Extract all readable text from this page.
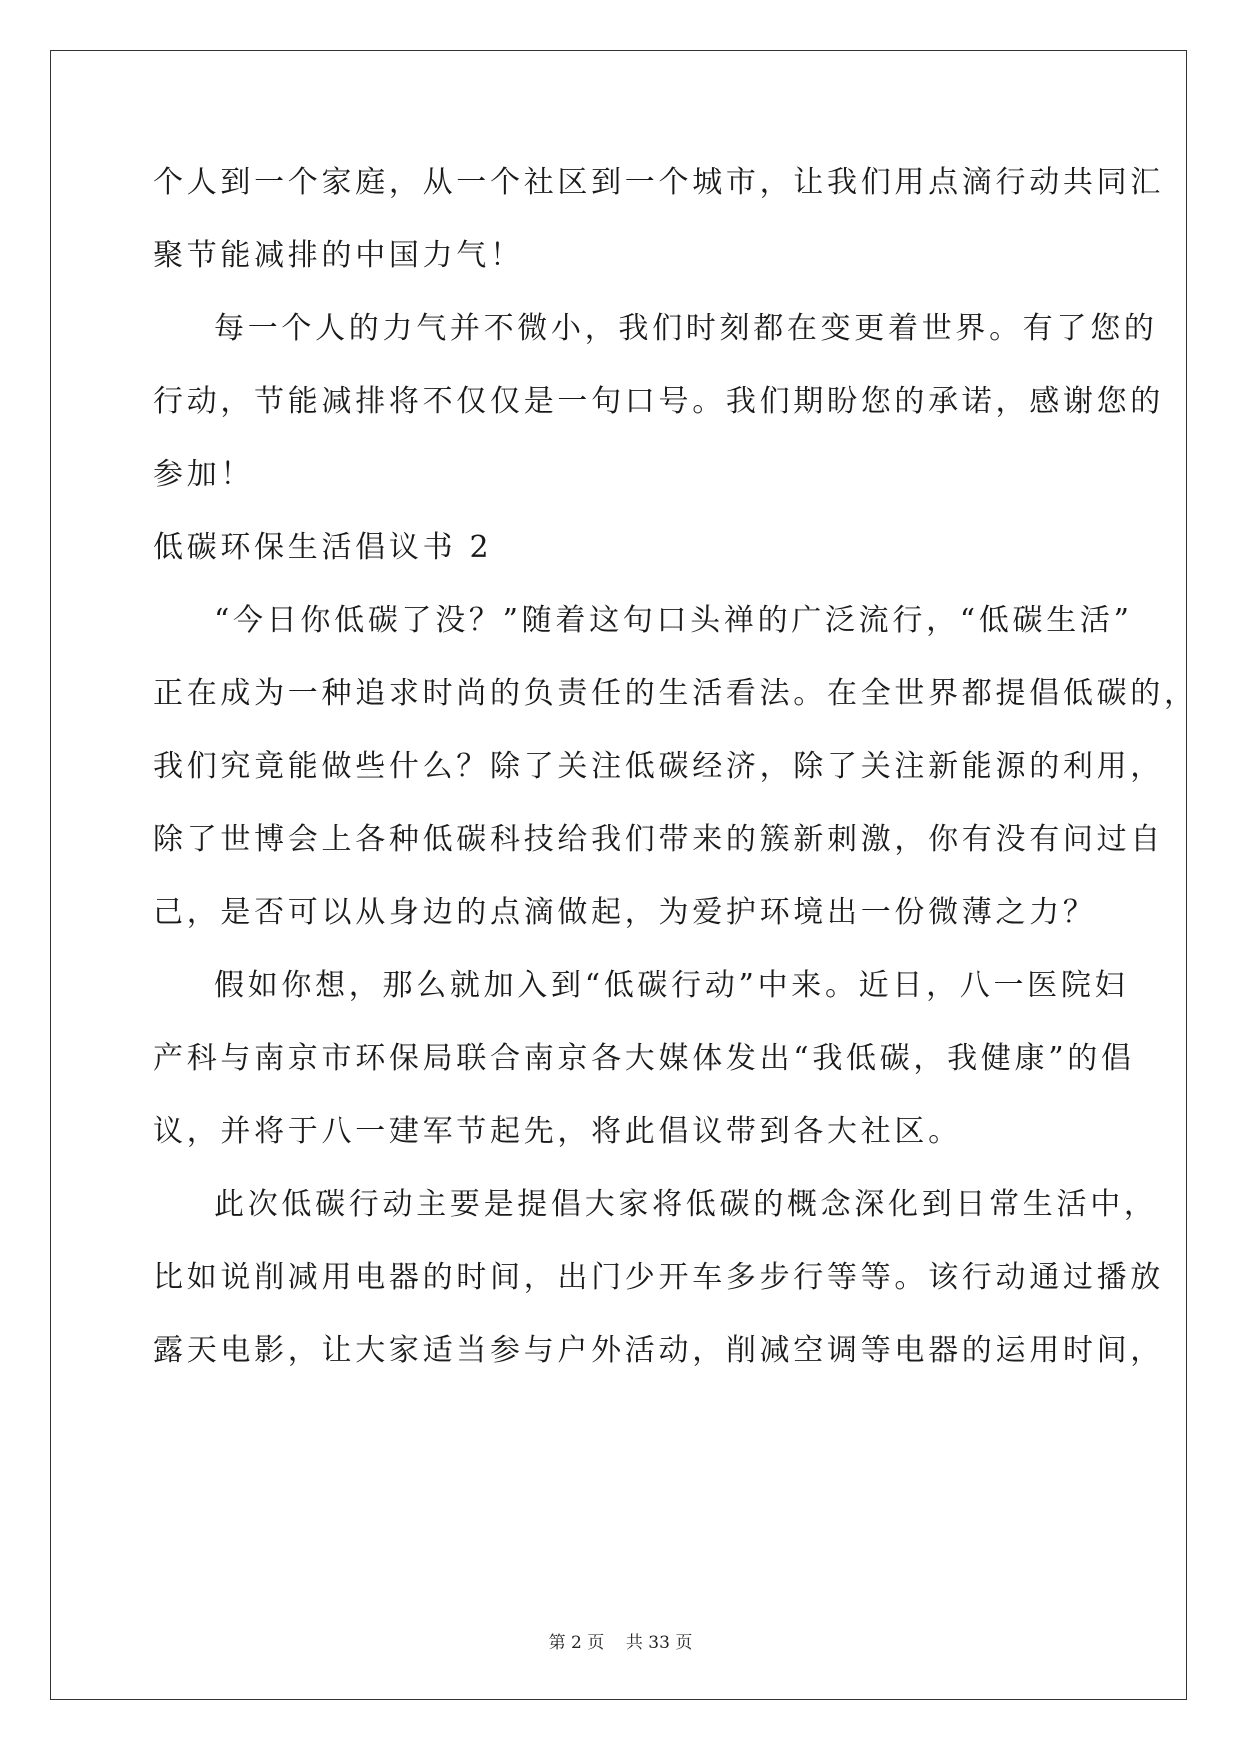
个人到一个家庭，从一个社区到一个城市，让我们用点滴行动共同汇
聚节能减排的中国力气！
每一个人的力气并不微小，我们时刻都在变更着世界。有了您的
行动，节能减排将不仅仅是一句口号。我们期盼您的承诺，感谢您的
参加！
低碳环保生活倡议书 2
“今日你低碳了没？”随着这句口头禅的广泛流行，“低碳生活”
正在成为一种追求时尚的负责任的生活看法。在全世界都提倡低碳的，
我们究竟能做些什么？除了关注低碳经济，除了关注新能源的利用，
除了世博会上各种低碳科技给我们带来的簇新刺激，你有没有问过自
己，是否可以从身边的点滴做起，为爱护环境出一份微薄之力？
假如你想，那么就加入到“低碳行动”中来。近日，八一医院妇
产科与南京市环保局联合南京各大媒体发出“我低碳，我健康”的倡
议，并将于八一建军节起先，将此倡议带到各大社区。
此次低碳行动主要是提倡大家将低碳的概念深化到日常生活中，
比如说削减用电器的时间，出门少开车多步行等等。该行动通过播放
露天电影，让大家适当参与户外活动，削减空调等电器的运用时间，
第 2 页 共 33 页
